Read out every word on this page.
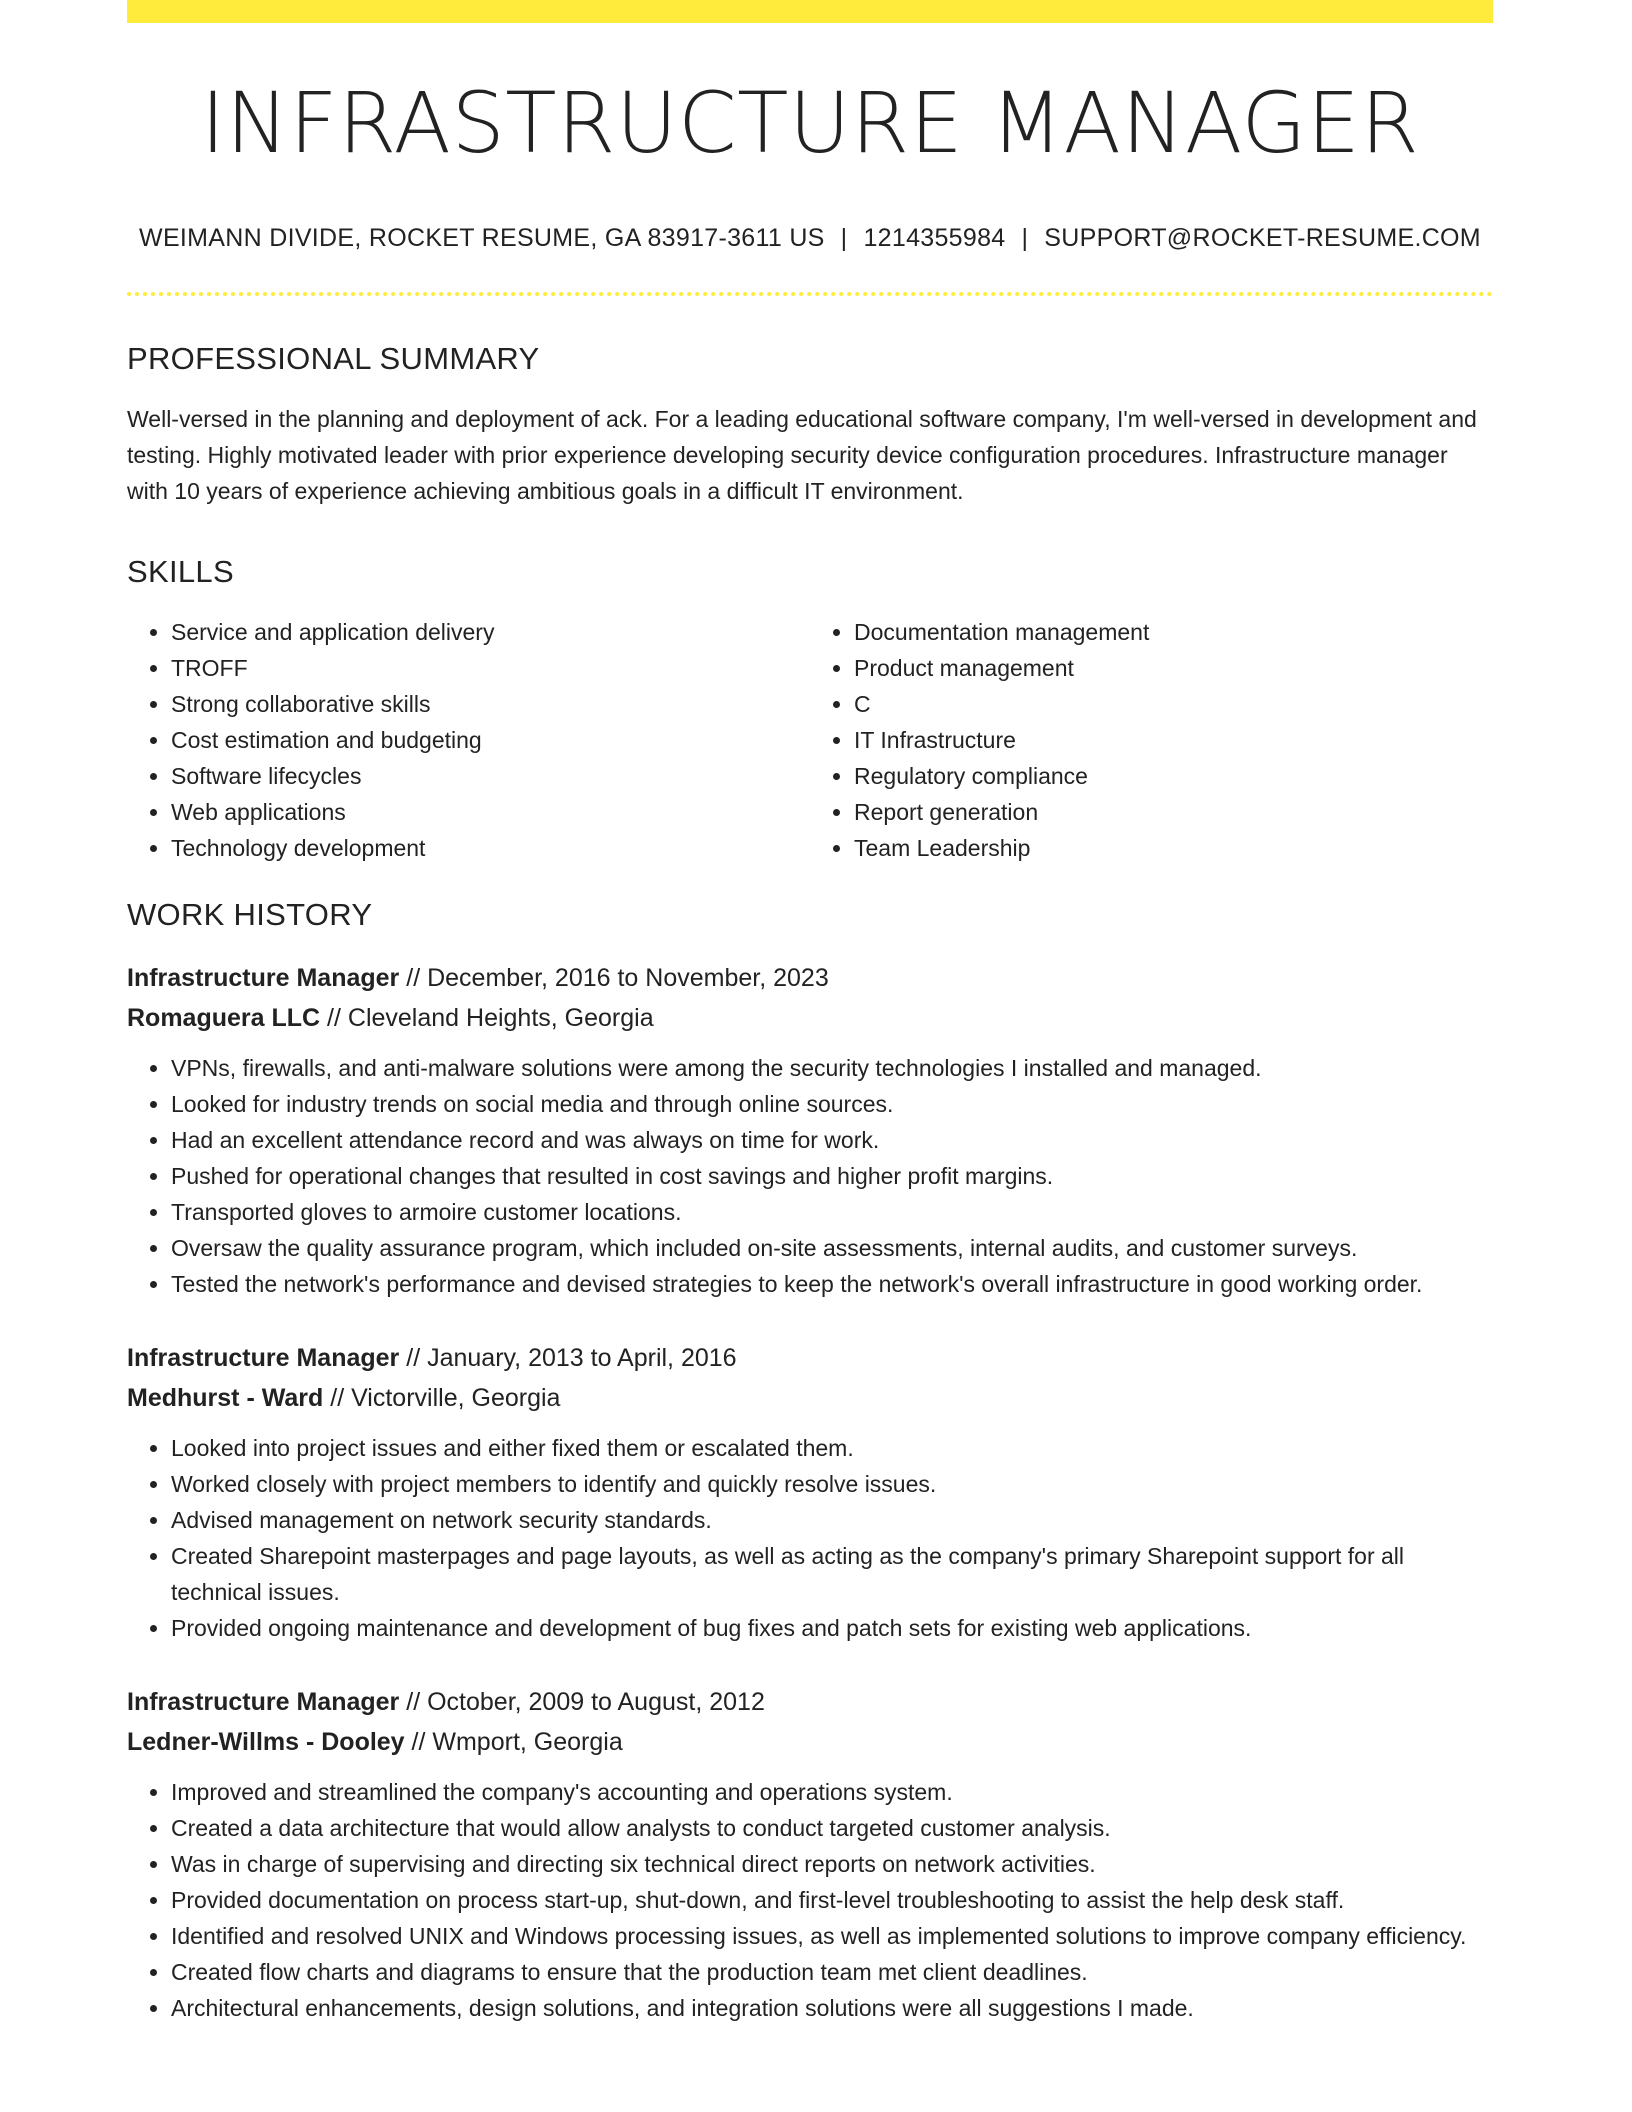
INFRASTRUCTURE MANAGER
WEIMANN DIVIDE, ROCKET RESUME, GA 83917-3611 US | 1214355984 | SUPPORT@ROCKET-RESUME.COM
PROFESSIONAL SUMMARY

Well-versed in the planning and deployment of ack. For a leading educational software company, I'm well-versed in development and testing. Highly motivated leader with prior experience developing security device configuration procedures. Infrastructure manager with 10 years of experience achieving ambitious goals in a difficult IT environment.

SKILLS
• Service and application delivery
• TROFF
• Strong collaborative skills
• Cost estimation and budgeting
• Software lifecycles
• Web applications
• Technology development
• Documentation management
• Product management
• C
• IT Infrastructure
• Regulatory compliance
• Report generation
• Team Leadership
WORK HISTORY
Infrastructure Manager // December, 2016 to November, 2023
Romaguera LLC // Cleveland Heights, Georgia
• VPNs, firewalls, and anti-malware solutions were among the security technologies I installed and managed.
• Looked for industry trends on social media and through online sources.
• Had an excellent attendance record and was always on time for work.
• Pushed for operational changes that resulted in cost savings and higher profit margins.
• Transported gloves to armoire customer locations.
• Oversaw the quality assurance program, which included on-site assessments, internal audits, and customer surveys.
• Tested the network's performance and devised strategies to keep the network's overall infrastructure in good working order.
Infrastructure Manager // January, 2013 to April, 2016
Medhurst - Ward // Victorville, Georgia
• Looked into project issues and either fixed them or escalated them.
• Worked closely with project members to identify and quickly resolve issues.
• Advised management on network security standards.
• Created Sharepoint masterpages and page layouts, as well as acting as the company's primary Sharepoint support for all technical issues.
• Provided ongoing maintenance and development of bug fixes and patch sets for existing web applications.
Infrastructure Manager // October, 2009 to August, 2012
Ledner-Willms - Dooley // Wmport, Georgia
• Improved and streamlined the company's accounting and operations system.
• Created a data architecture that would allow analysts to conduct targeted customer analysis.
• Was in charge of supervising and directing six technical direct reports on network activities.
• Provided documentation on process start-up, shut-down, and first-level troubleshooting to assist the help desk staff.
• Identified and resolved UNIX and Windows processing issues, as well as implemented solutions to improve company efficiency.
• Created flow charts and diagrams to ensure that the production team met client deadlines.
• Architectural enhancements, design solutions, and integration solutions were all suggestions I made.
